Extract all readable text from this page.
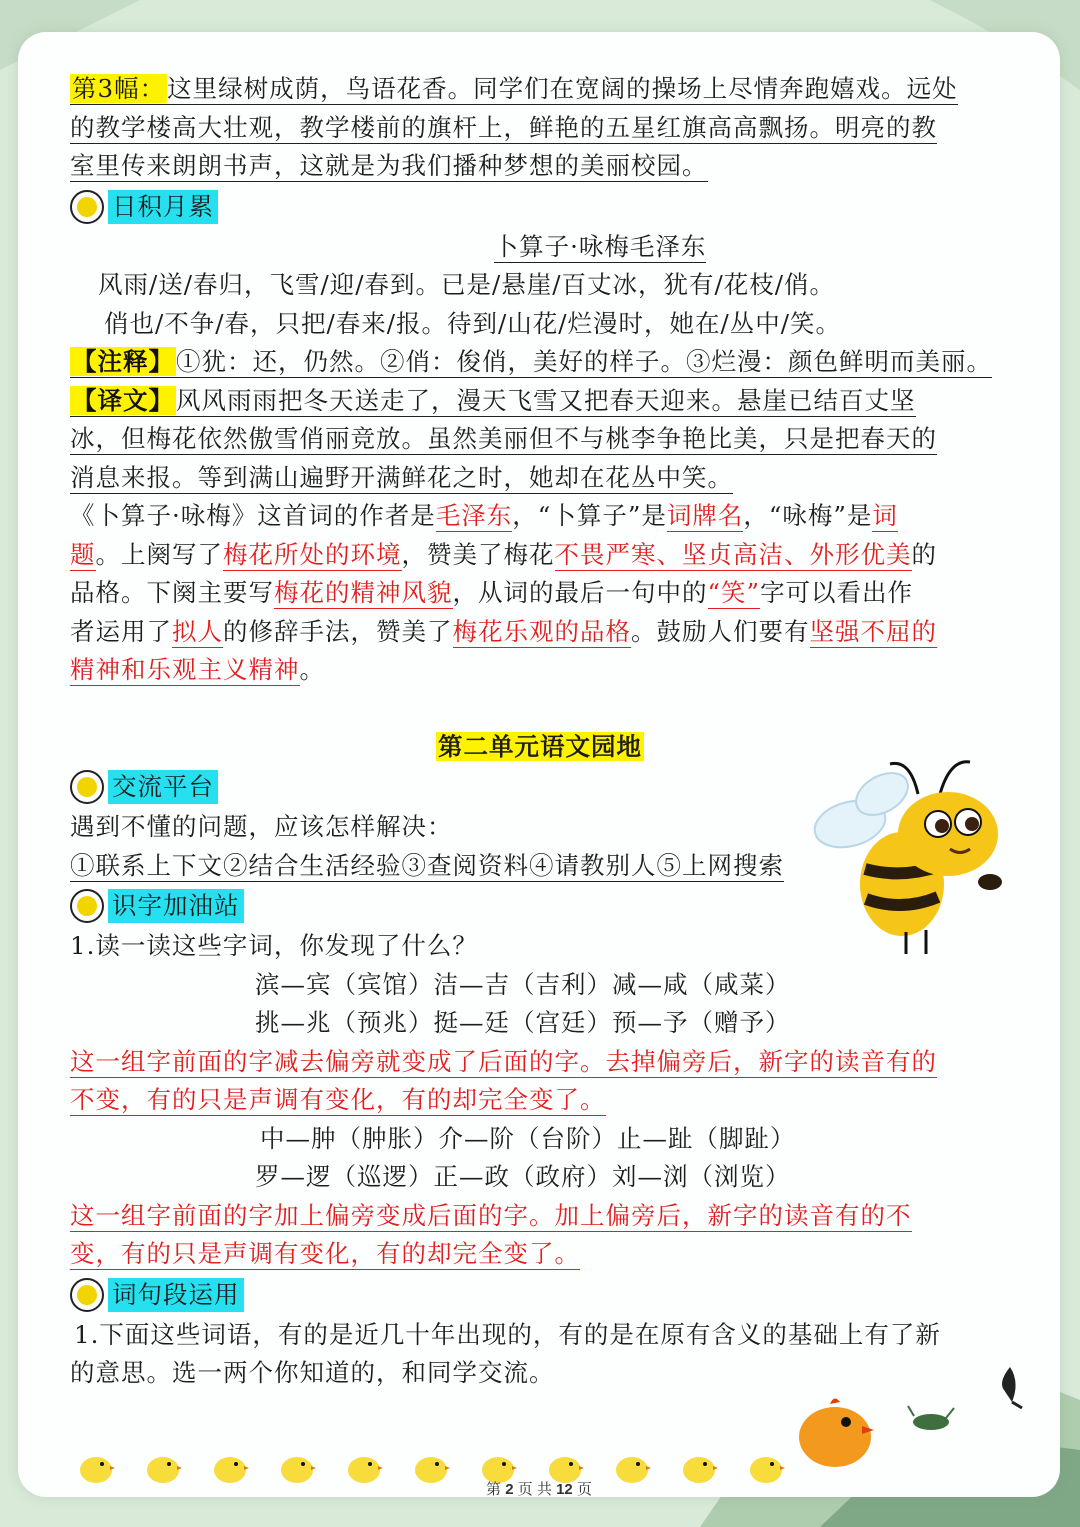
第3幅：这里绿树成荫，鸟语花香。同学们在宽阔的操场上尽情奔跑嬉戏。远处
的教学楼高大壮观，教学楼前的旗杆上，鲜艳的五星红旗高高飘扬。明亮的教
室里传来朗朗书声，这就是为我们播种梦想的美丽校园。
日积月累
卜算子·咏梅毛泽东
风雨/送/春归，飞雪/迎/春到。已是/悬崖/百丈冰，犹有/花枝/俏。
俏也/不争/春，只把/春来/报。待到/山花/烂漫时，她在/丛中/笑。
【注释】①犹：还，仍然。②俏：俊俏，美好的样子。③烂漫：颜色鲜明而美丽。
【译文】风风雨雨把冬天送走了，漫天飞雪又把春天迎来。悬崖已结百丈坚
冰，但梅花依然傲雪俏丽竞放。虽然美丽但不与桃李争艳比美，只是把春天的
消息来报。等到满山遍野开满鲜花之时，她却在花丛中笑。
《卜算子·咏梅》这首词的作者是毛泽东，“卜算子”是词牌名，“咏梅”是词
题。上阕写了梅花所处的环境，赞美了梅花不畏严寒、坚贞高洁、外形优美的
品格。下阕主要写梅花的精神风貌，从词的最后一句中的“笑”字可以看出作
者运用了拟人的修辞手法，赞美了梅花乐观的品格。鼓励人们要有坚强不屈的
精神和乐观主义精神。
第二单元语文园地
交流平台
遇到不懂的问题，应该怎样解决：
①联系上下文②结合生活经验③查阅资料④请教别人⑤上网搜索
识字加油站
1.读一读这些字词，你发现了什么？
滨—宾（宾馆）洁—吉（吉利）减—咸（咸菜）
挑—兆（预兆）挺—廷（宫廷）预—予（赠予）
这一组字前面的字减去偏旁就变成了后面的字。去掉偏旁后，新字的读音有的
不变，有的只是声调有变化，有的却完全变了。
中—肿（肿胀）介—阶（台阶）止—趾（脚趾）
罗—逻（巡逻）正—政（政府）刘—浏（浏览）
这一组字前面的字加上偏旁变成后面的字。加上偏旁后，新字的读音有的不
变，有的只是声调有变化，有的却完全变了。
词句段运用
1.下面这些词语，有的是近几十年出现的，有的是在原有含义的基础上有了新
的意思。选一两个你知道的，和同学交流。
第 2 页 共 12 页
